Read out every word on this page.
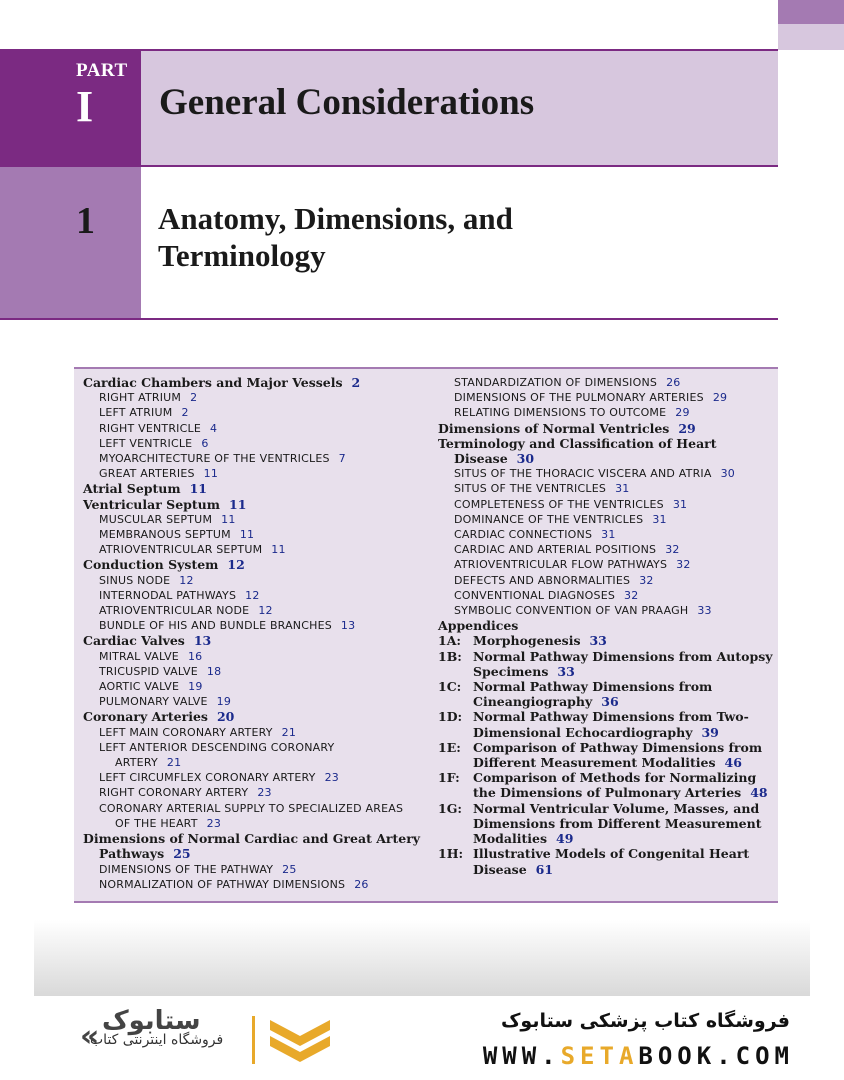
PART
I General Considerations
1 Anatomy, Dimensions, and
Terminology
Cardiac Chambers and Major Vessels 2
RIGHT ATRIUM 2
LEFT ATRIUM 2
RIGHT VENTRICLE 4
LEFT VENTRICLE 6
MYOARCHITECTURE OF THE VENTRICLES 7
GREAT ARTERIES 11
Atrial Septum 11
Ventricular Septum 11
MUSCULAR SEPTUM 11
MEMBRANOUS SEPTUM 11
ATRIOVENTRICULAR SEPTUM 11
Conduction System 12
SINUS NODE 12
INTERNODAL PATHWAYS 12
ATRIOVENTRICULAR NODE 12
BUNDLE OF HIS AND BUNDLE BRANCHES 13
Cardiac Valves 13
MITRAL VALVE 16
TRICUSPID VALVE 18
AORTIC VALVE 19
PULMONARY VALVE 19
Coronary Arteries 20
LEFT MAIN CORONARY ARTERY 21
LEFT ANTERIOR DESCENDING CORONARY
ARTERY 21
LEFT CIRCUMFLEX CORONARY ARTERY 23
RIGHT CORONARY ARTERY 23
CORONARY ARTERIAL SUPPLY TO SPECIALIZED AREAS
OF THE HEART 23
Dimensions of Normal Cardiac and Great Artery
Pathways 25
DIMENSIONS OF THE PATHWAY 25
NORMALIZATION OF PATHWAY DIMENSIONS 26
STANDARDIZATION OF DIMENSIONS 26
DIMENSIONS OF THE PULMONARY ARTERIES 29
RELATING DIMENSIONS TO OUTCOME 29
Dimensions of Normal Ventricles 29
Terminology and Classification of Heart
Disease 30
SITUS OF THE THORACIC VISCERA AND ATRIA 30
SITUS OF THE VENTRICLES 31
COMPLETENESS OF THE VENTRICLES 31
DOMINANCE OF THE VENTRICLES 31
CARDIAC CONNECTIONS 31
CARDIAC AND ARTERIAL POSITIONS 32
ATRIOVENTRICULAR FLOW PATHWAYS 32
DEFECTS AND ABNORMALITIES 32
CONVENTIONAL DIAGNOSES 32
SYMBOLIC CONVENTION OF VAN PRAAGH 33
Appendices
1A: Morphogenesis 33
1B: Normal Pathway Dimensions from Autopsy Specimens 33
1C: Normal Pathway Dimensions from Cineangiography 36
1D: Normal Pathway Dimensions from Two-Dimensional Echocardiography 39
1E: Comparison of Pathway Dimensions from Different Measurement Modalities 46
1F:	Comparison of Methods for Normalizing the Dimensions of Pulmonary Arteries 48
1G: Normal Ventricular Volume, Masses, and Dimensions from Different Measurement Modalities 49
1H: Illustrative Models of Congenital Heart Disease 61
« ستابوک
فروشگاه اینترنتی کتاب
فروشگاه کتاب پزشکی ستابوک
WWW.SETABOOK.COM
